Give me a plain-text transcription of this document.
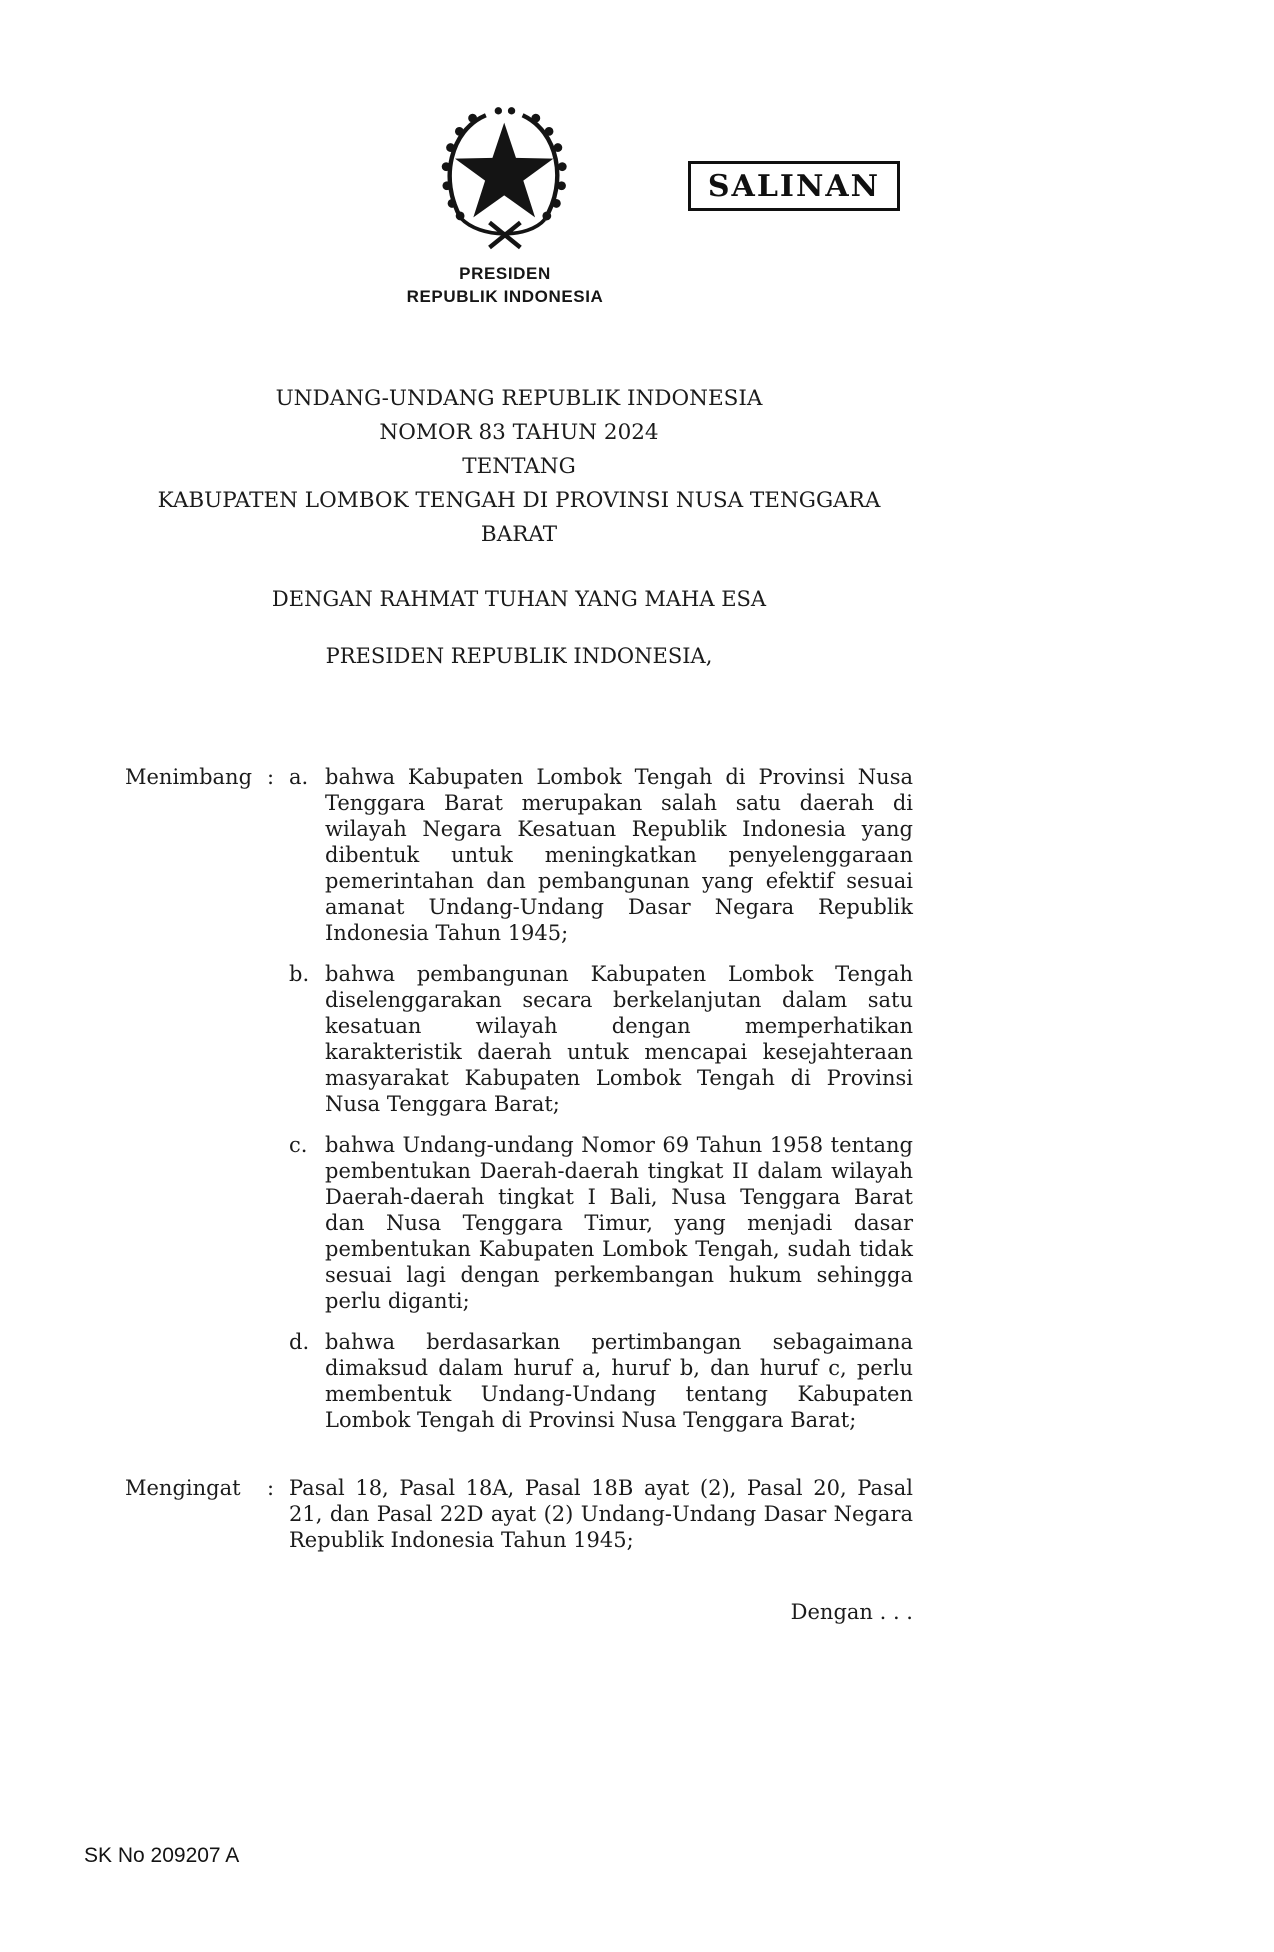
SALINAN
PRESIDEN
REPUBLIK INDONESIA
UNDANG-UNDANG REPUBLIK INDONESIA
NOMOR 83 TAHUN 2024
TENTANG
KABUPATEN LOMBOK TENGAH DI PROVINSI NUSA TENGGARA BARAT
DENGAN RAHMAT TUHAN YANG MAHA ESA
PRESIDEN REPUBLIK INDONESIA,
Menimbang : a. bahwa Kabupaten Lombok Tengah di Provinsi Nusa Tenggara Barat merupakan salah satu daerah di wilayah Negara Kesatuan Republik Indonesia yang dibentuk untuk meningkatkan penyelenggaraan pemerintahan dan pembangunan yang efektif sesuai amanat Undang-Undang Dasar Negara Republik Indonesia Tahun 1945;
b. bahwa pembangunan Kabupaten Lombok Tengah diselenggarakan secara berkelanjutan dalam satu kesatuan wilayah dengan memperhatikan karakteristik daerah untuk mencapai kesejahteraan masyarakat Kabupaten Lombok Tengah di Provinsi Nusa Tenggara Barat;
c. bahwa Undang-undang Nomor 69 Tahun 1958 tentang pembentukan Daerah-daerah tingkat II dalam wilayah Daerah-daerah tingkat I Bali, Nusa Tenggara Barat dan Nusa Tenggara Timur, yang menjadi dasar pembentukan Kabupaten Lombok Tengah, sudah tidak sesuai lagi dengan perkembangan hukum sehingga perlu diganti;
d. bahwa berdasarkan pertimbangan sebagaimana dimaksud dalam huruf a, huruf b, dan huruf c, perlu membentuk Undang-Undang tentang Kabupaten Lombok Tengah di Provinsi Nusa Tenggara Barat;
Mengingat	: Pasal 18, Pasal 18A, Pasal 18B ayat (2), Pasal 20, Pasal 21, dan Pasal 22D ayat (2) Undang-Undang Dasar Negara Republik Indonesia Tahun 1945;
Dengan . . .
SK No 209207 A
